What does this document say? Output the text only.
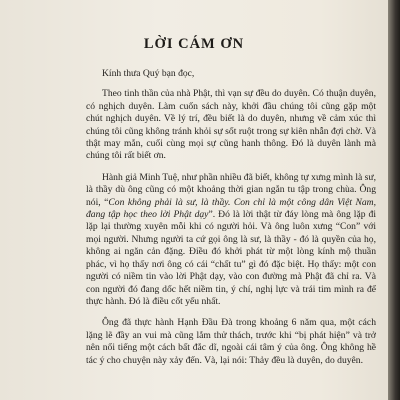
LỜI CÁM ƠN

Kính thưa Quý bạn đọc,

Theo tinh thần của nhà Phật, thì vạn sự đều do duyên. Có thuận duyên, có nghịch duyên. Làm cuốn sách này, khởi đầu chúng tôi cũng gặp một chút nghịch duyên. Về lý trí, đều biết là do duyên, nhưng về cảm xúc thì chúng tôi cũng không tránh khỏi sự sốt ruột trong sự kiên nhẫn đợi chờ. Và thật may mắn, cuối cùng mọi sự cũng hanh thông. Đó là duyên lành mà chúng tôi rất biết ơn.

Hành giả Minh Tuệ, như phần nhiều đã biết, không tự xưng mình là sư, là thầy dù ông cũng có một khoảng thời gian ngắn tu tập trong chùa. Ông nói, “Con không phải là sư, là thầy. Con chỉ là một công dân Việt Nam, đang tập học theo lời Phật dạy”. Đó là lời thật từ đáy lòng mà ông lặp đi lặp lại thường xuyên mỗi khi có người hỏi. Và ông luôn xưng “Con” với mọi người. Nhưng người ta cứ gọi ông là sư, là thầy - đó là quyền của họ, không ai ngăn cản đặng. Điều đó khởi phát từ một lòng kính mộ thuần phác, vì họ thấy nơi ông có cái “chất tu” gì đó đặc biệt. Họ thấy: một con người có niềm tin vào lời Phật dạy, vào con đường mà Phật đã chỉ ra. Và con người đó đang dốc hết niềm tin, ý chí, nghị lực và trái tim mình ra để thực hành. Đó là điều cốt yếu nhất.

Ông đã thực hành Hạnh Đầu Đà trong khoảng 6 năm qua, một cách lặng lẽ đầy an vui mà cũng lắm thử thách, trước khi “bị phát hiện” và trở nên nổi tiếng một cách bất đắc dĩ, ngoài cái tâm ý của ông. Ông không hề tác ý cho chuyện này xảy đến. Và, lại nói: Thảy đều là duyên, do duyên.
